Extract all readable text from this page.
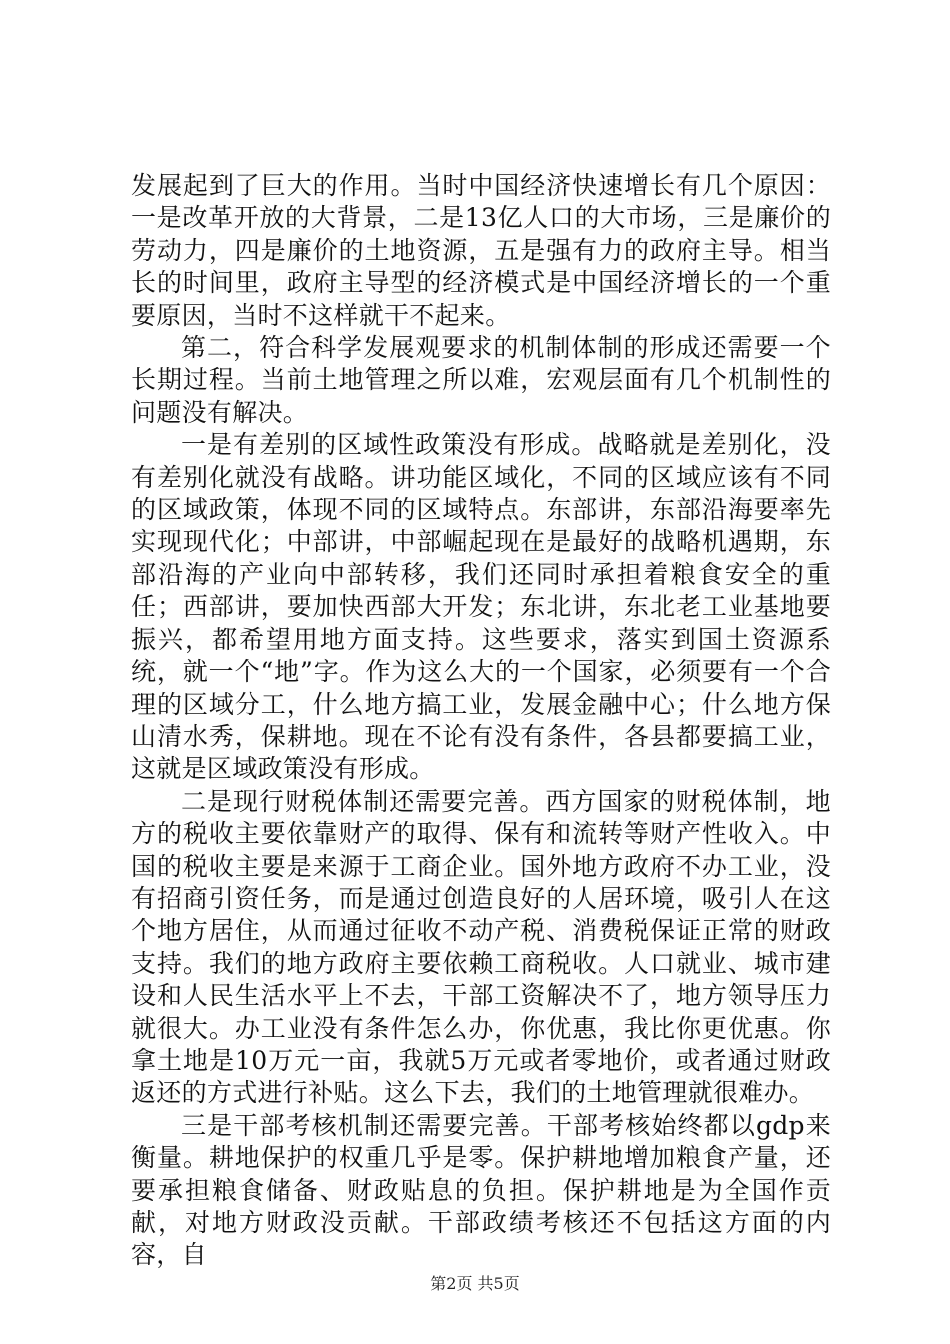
发展起到了巨大的作用。当时中国经济快速增长有几个原因：一是改革开放的大背景，二是13亿人口的大市场，三是廉价的劳动力，四是廉价的土地资源，五是强有力的政府主导。相当长的时间里，政府主导型的经济模式是中国经济增长的一个重要原因，当时不这样就干不起来。

第二，符合科学发展观要求的机制体制的形成还需要一个长期过程。当前土地管理之所以难，宏观层面有几个机制性的问题没有解决。

一是有差别的区域性政策没有形成。战略就是差别化，没有差别化就没有战略。讲功能区域化，不同的区域应该有不同的区域政策，体现不同的区域特点。东部讲，东部沿海要率先实现现代化；中部讲，中部崛起现在是最好的战略机遇期，东部沿海的产业向中部转移，我们还同时承担着粮食安全的重任；西部讲，要加快西部大开发；东北讲，东北老工业基地要振兴，都希望用地方面支持。这些要求，落实到国土资源系统，就一个“地”字。作为这么大的一个国家，必须要有一个合理的区域分工，什么地方搞工业，发展金融中心；什么地方保山清水秀，保耕地。现在不论有没有条件，各县都要搞工业，这就是区域政策没有形成。

二是现行财税体制还需要完善。西方国家的财税体制，地方的税收主要依靠财产的取得、保有和流转等财产性收入。中国的税收主要是来源于工商企业。国外地方政府不办工业，没有招商引资任务，而是通过创造良好的人居环境，吸引人在这个地方居住，从而通过征收不动产税、消费税保证正常的财政支持。我们的地方政府主要依赖工商税收。人口就业、城市建设和人民生活水平上不去，干部工资解决不了，地方领导压力就很大。办工业没有条件怎么办，你优惠，我比你更优惠。你拿土地是10万元一亩，我就5万元或者零地价，或者通过财政返还的方式进行补贴。这么下去，我们的土地管理就很难办。

三是干部考核机制还需要完善。干部考核始终都以gdp来衡量。耕地保护的权重几乎是零。保护耕地增加粮食产量，还要承担粮食储备、财政贴息的负担。保护耕地是为全国作贡献，对地方财政没贡献。干部政绩考核还不包括这方面的内容，自

第2页 共5页
